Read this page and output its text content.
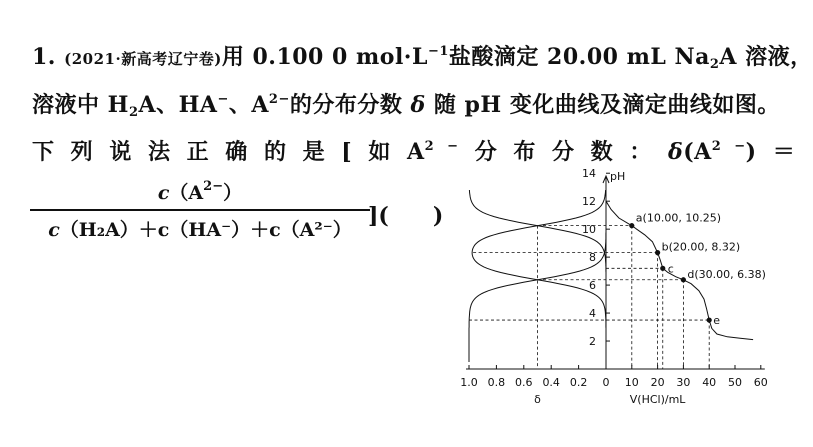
1. (2021·新高考辽宁卷)用 0.100 0 $mol\cdot L^{-1}$盐酸滴定 20.00 mL $Na_2A$ 溶液，
溶液中 $H_2A$、HA−、$A^{2-}$的分布分数 δ 随 pH 变化曲线及滴定曲线如图。
下 列 说 法 正 确 的 是 [ 如 $A^{2 -}$ 分 布 分 数 ： $\delta(A^{2 -})$ ＝
$c(A^{2-})$
c（H₂A）＋c（HA⁻）＋c（A²⁻）
](　　)
2
4
6
8
10
12
14 pH
0 10 20 30 40 50 60
1.0 0.8 0.6 0.4 0.2
δ	V(HCl)/mL
a(10.00, 10.25)
b(20.00, 8.32)
c d(30.00, 6.38)
e
